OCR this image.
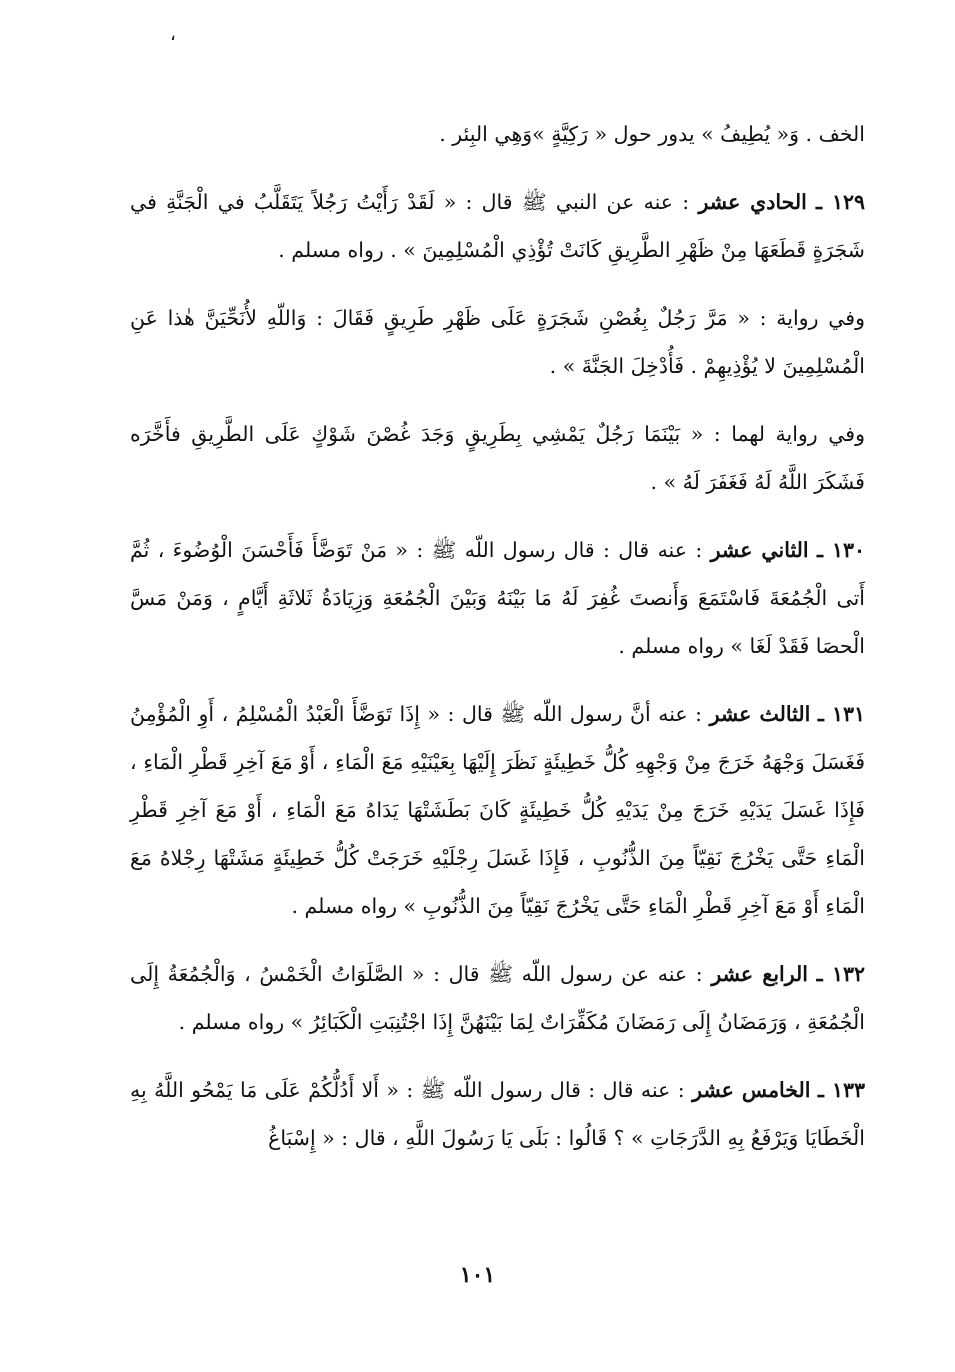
،

الخف . وَ« يُطِيفُ » يدور حول « رَكِيَّةٍ »وَهِي البِئر .

١٢٩ ـ الحادي عشر : عنه عن النبي ﷺ قال : « لَقَدْ رَأَيْتُ رَجُلاً يَتَقَلَّبُ في الْجَنَّةِ في شَجَرَةٍ قَطَعَهَا مِنْ ظَهْرِ الطَّرِيقِ كَانَتْ تُؤْذِي الْمُسْلِمِينَ » . رواه مسلم .

وفي رواية : « مَرَّ رَجُلٌ بِغُصْنِ شَجَرَةٍ عَلَى ظَهْرِ طَرِيقٍ فَقَالَ : وَاللّهِ لأُنَحِّيَنَّ هٰذا عَنِ الْمُسْلِمِينَ لا يُؤْذِيهِمْ . فَأُدْخِلَ الجَنَّةَ » .

وفي رواية لهما : « بَيْنَمَا رَجُلٌ يَمْشِي بِطَرِيقٍ وَجَدَ غُصْنَ شَوْكٍ عَلَى الطَّرِيقِ فأَخَّرَه فَشَكَرَ اللَّهُ لَهُ فَغَفَرَ لَهُ » .

١٣٠ ـ الثاني عشر : عنه قال : قال رسول اللّه ﷺ : « مَنْ تَوَضَّأَ فَأَحْسَنَ الْوُضُوءَ ، ثُمَّ أَتى الْجُمُعَةَ فَاسْتَمَعَ وَأَنصتَ غُفِرَ لَهُ مَا بَيْنَهُ وَبَيْنَ الْجُمُعَةِ وَزِيَادَةُ ثَلاثَةِ أَيَّامٍ ، وَمَنْ مَسَّ الْحصَا فَقَدْ لَغَا » رواه مسلم .

١٣١ ـ الثالث عشر : عنه أنَّ رسول اللّه ﷺ قال : « إِذَا تَوَضَّأَ الْعَبْدُ الْمُسْلِمُ ، أَوِ الْمُؤْمِنُ فَغَسَلَ وَجْهَهُ خَرَجَ مِنْ وَجْهِهِ كُلُّ خَطِيئَةٍ نَظَرَ إِلَيْهَا بِعَيْنَيْهِ مَعَ الْمَاءِ ، أَوْ مَعَ آخِرِ قَطْرِ الْمَاءِ ، فَإِذَا غَسَلَ يَدَيْهِ خَرَجَ مِنْ يَدَيْهِ كُلُّ خَطِيئَةٍ كَانَ بَطَشَتْهَا يَدَاهُ مَعَ الْمَاءِ ، أَوْ مَعَ آخِرِ قَطْرِ الْمَاءِ حَتَّى يَخْرُجَ نَقِيّاً مِنَ الذُّنُوبِ ، فَإِذَا غَسَلَ رِجْلَيْهِ خَرَجَتْ كُلُّ خَطِيئَةٍ مَشَتْهَا رِجْلاهُ مَعَ الْمَاءِ أَوْ مَعَ آخِرِ قَطْرِ الْمَاءِ حَتَّى يَخْرُجَ نَقِيّاً مِنَ الذُّنُوبِ » رواه مسلم .

١٣٢ ـ الرابع عشر : عنه عن رسول اللّه ﷺ قال : « الصَّلَوَاتُ الْخَمْسُ ، وَالْجُمُعَةُ إِلَى الْجُمُعَةِ ، وَرَمَضَانُ إِلَى رَمَضَانَ مُكَفِّرَاتٌ لِمَا بَيْنَهُنَّ إِذَا اجْتُنِبَتِ الْكَبَائِرُ » رواه مسلم .

١٣٣ ـ الخامس عشر : عنه قال : قال رسول اللّه ﷺ : « أَلا أَدُلُّكُمْ عَلَى مَا يَمْحُو اللَّهُ بِهِ الْخَطَايَا وَيَرْفَعُ بِهِ الدَّرَجَاتِ » ؟ قَالُوا : بَلَى يَا رَسُولَ اللَّهِ ، قال : « إِسْبَاغُ

١٠١
